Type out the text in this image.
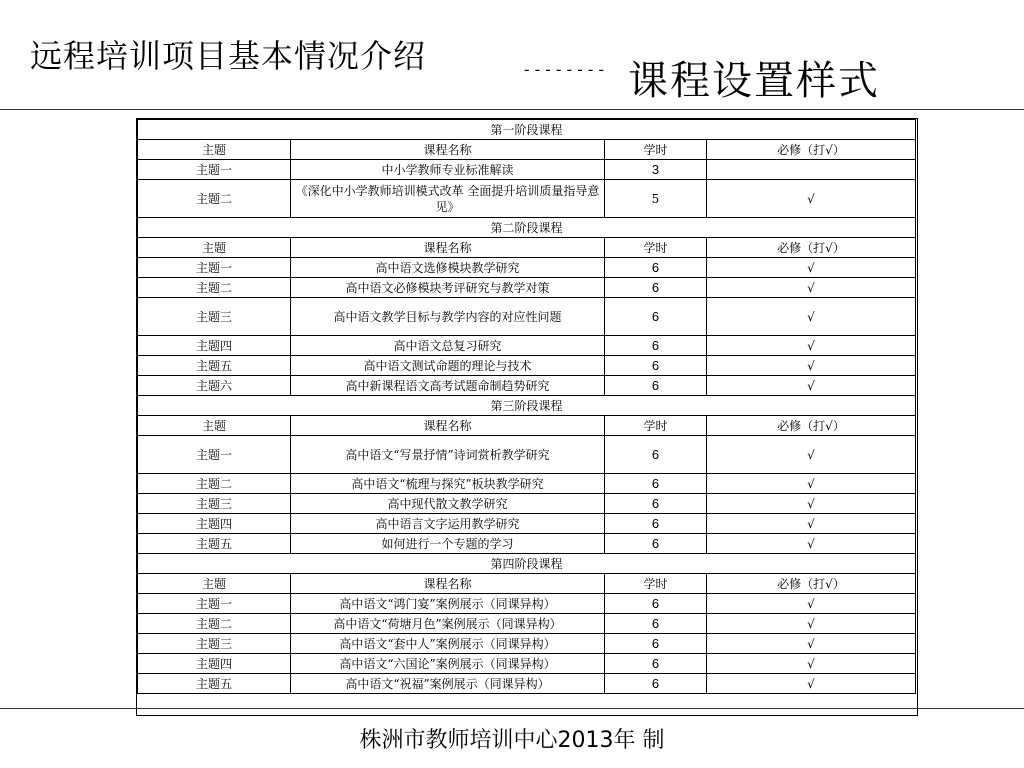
远程培训项目基本情况介绍	-------- 课程设置样式
第一阶段课程			
主题	课程名称	学时	必修（打√）
主题一	中小学教师专业标准解读	3	
主题二	《深化中小学教师培训模式改革 全面提升培训质量指导意见》	5	√
第二阶段课程			
主题	课程名称	学时	必修（打√）
主题一	高中语文选修模块教学研究	6	√
主题二	高中语文必修模块考评研究与教学对策	6	√
主题三	高中语文教学目标与教学内容的对应性问题	6	√
主题四	高中语文总复习研究	6	√
主题五	高中语文测试命题的理论与技术	6	√
主题六	高中新课程语文高考试题命制趋势研究	6	√
第三阶段课程			
主题	课程名称	学时	必修（打√）
主题一	高中语文“写景抒情”诗词赏析教学研究	6	√
主题二	高中语文“梳理与探究”板块教学研究	6	√
主题三	高中现代散文教学研究	6	√
主题四	高中语言文字运用教学研究	6	√
主题五	如何进行一个专题的学习	6	√
第四阶段课程			
主题	课程名称	学时	必修（打√）
主题一	高中语文“鸿门宴”案例展示（同课异构）	6	√
主题二	高中语文“荷塘月色”案例展示（同课异构）	6	√
主题三	高中语文“套中人”案例展示（同课异构）	6	√
主题四	高中语文“六国论”案例展示（同课异构）	6	√
主题五	高中语文“祝福”案例展示（同课异构）	6	√
株洲市教师培训中心2013年 制
